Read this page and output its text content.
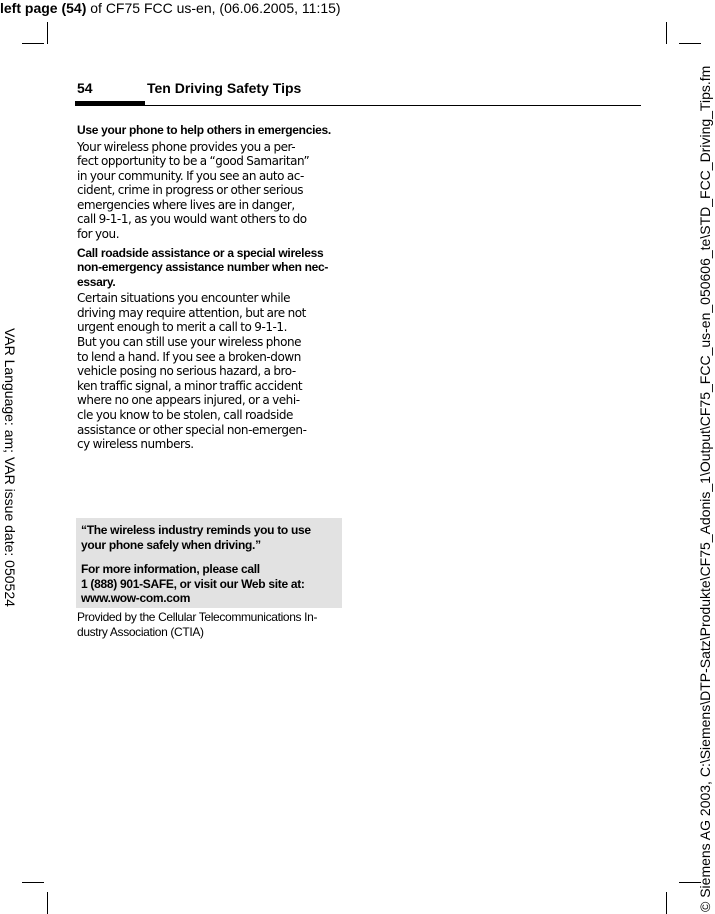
left page (54) of CF75 FCC us-en, (06.06.2005, 11:15)
VAR Language: am; VAR issue date: 050524	© Siemens AG 2003, C:\Siemens\DTP-Satz\Produkte\CF75_Adonis_1\Output\CF75_FCC_us-en_050606_te\STD_FCC_Driving_Tips.fm
54	Ten Driving Safety Tips

Use your phone to help others in emergencies.

Your wireless phone provides you a per-
fect opportunity to be a “good Samaritan”
in your community. If you see an auto ac-
cident, crime in progress or other serious
emergencies where lives are in danger,
call 9-1-1, as you would want others to do
for you.

Call roadside assistance or a special wireless
non-emergency assistance number when nec-
essary.

Certain situations you encounter while
driving may require attention, but are not
urgent enough to merit a call to 9-1-1.
But you can still use your wireless phone
to lend a hand. If you see a broken-down
vehicle posing no serious hazard, a bro-
ken traffic signal, a minor traffic accident
where no one appears injured, or a vehi-
cle you know to be stolen, call roadside
assistance or other special non-emergen-
cy wireless numbers.

“The wireless industry reminds you to use
your phone safely when driving.”

For more information, please call
1 (888) 901-SAFE, or visit our Web site at:
www.wow-com.com

Provided by the Cellular Telecommunications In-
dustry Association (CTIA)
